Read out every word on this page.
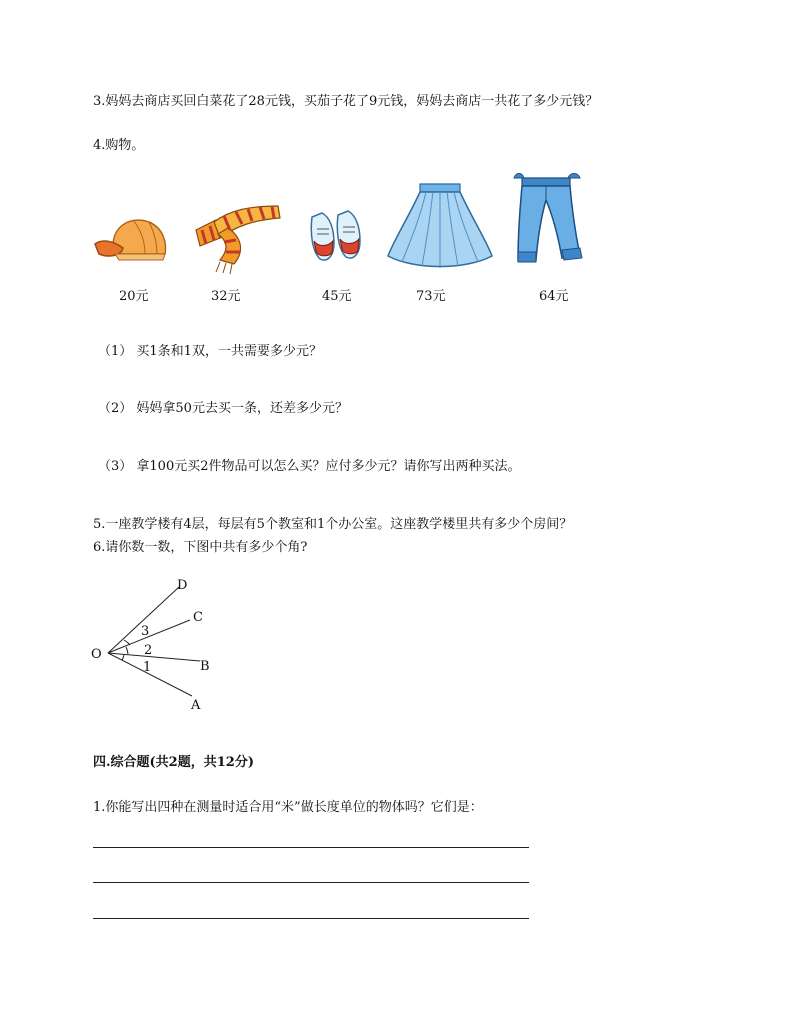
3.妈妈去商店买回白菜花了28元钱，买茄子花了9元钱，妈妈去商店一共花了多少元钱？
4.购物。
20元	32元	45元	73元	64元
（1） 买1条和1双，一共需要多少元？
（2） 妈妈拿50元去买一条，还差多少元？
（3） 拿100元买2件物品可以怎么买？应付多少元？请你写出两种买法。
5.一座教学楼有4层，每层有5个教室和1个办公室。这座教学楼里共有多少个房间？
6.请你数一数，下图中共有多少个角?
O
D
C
B
A
3
2
1
四.综合题(共2题，共12分)
1.你能写出四种在测量时适合用“米”做长度单位的物体吗？它们是：
